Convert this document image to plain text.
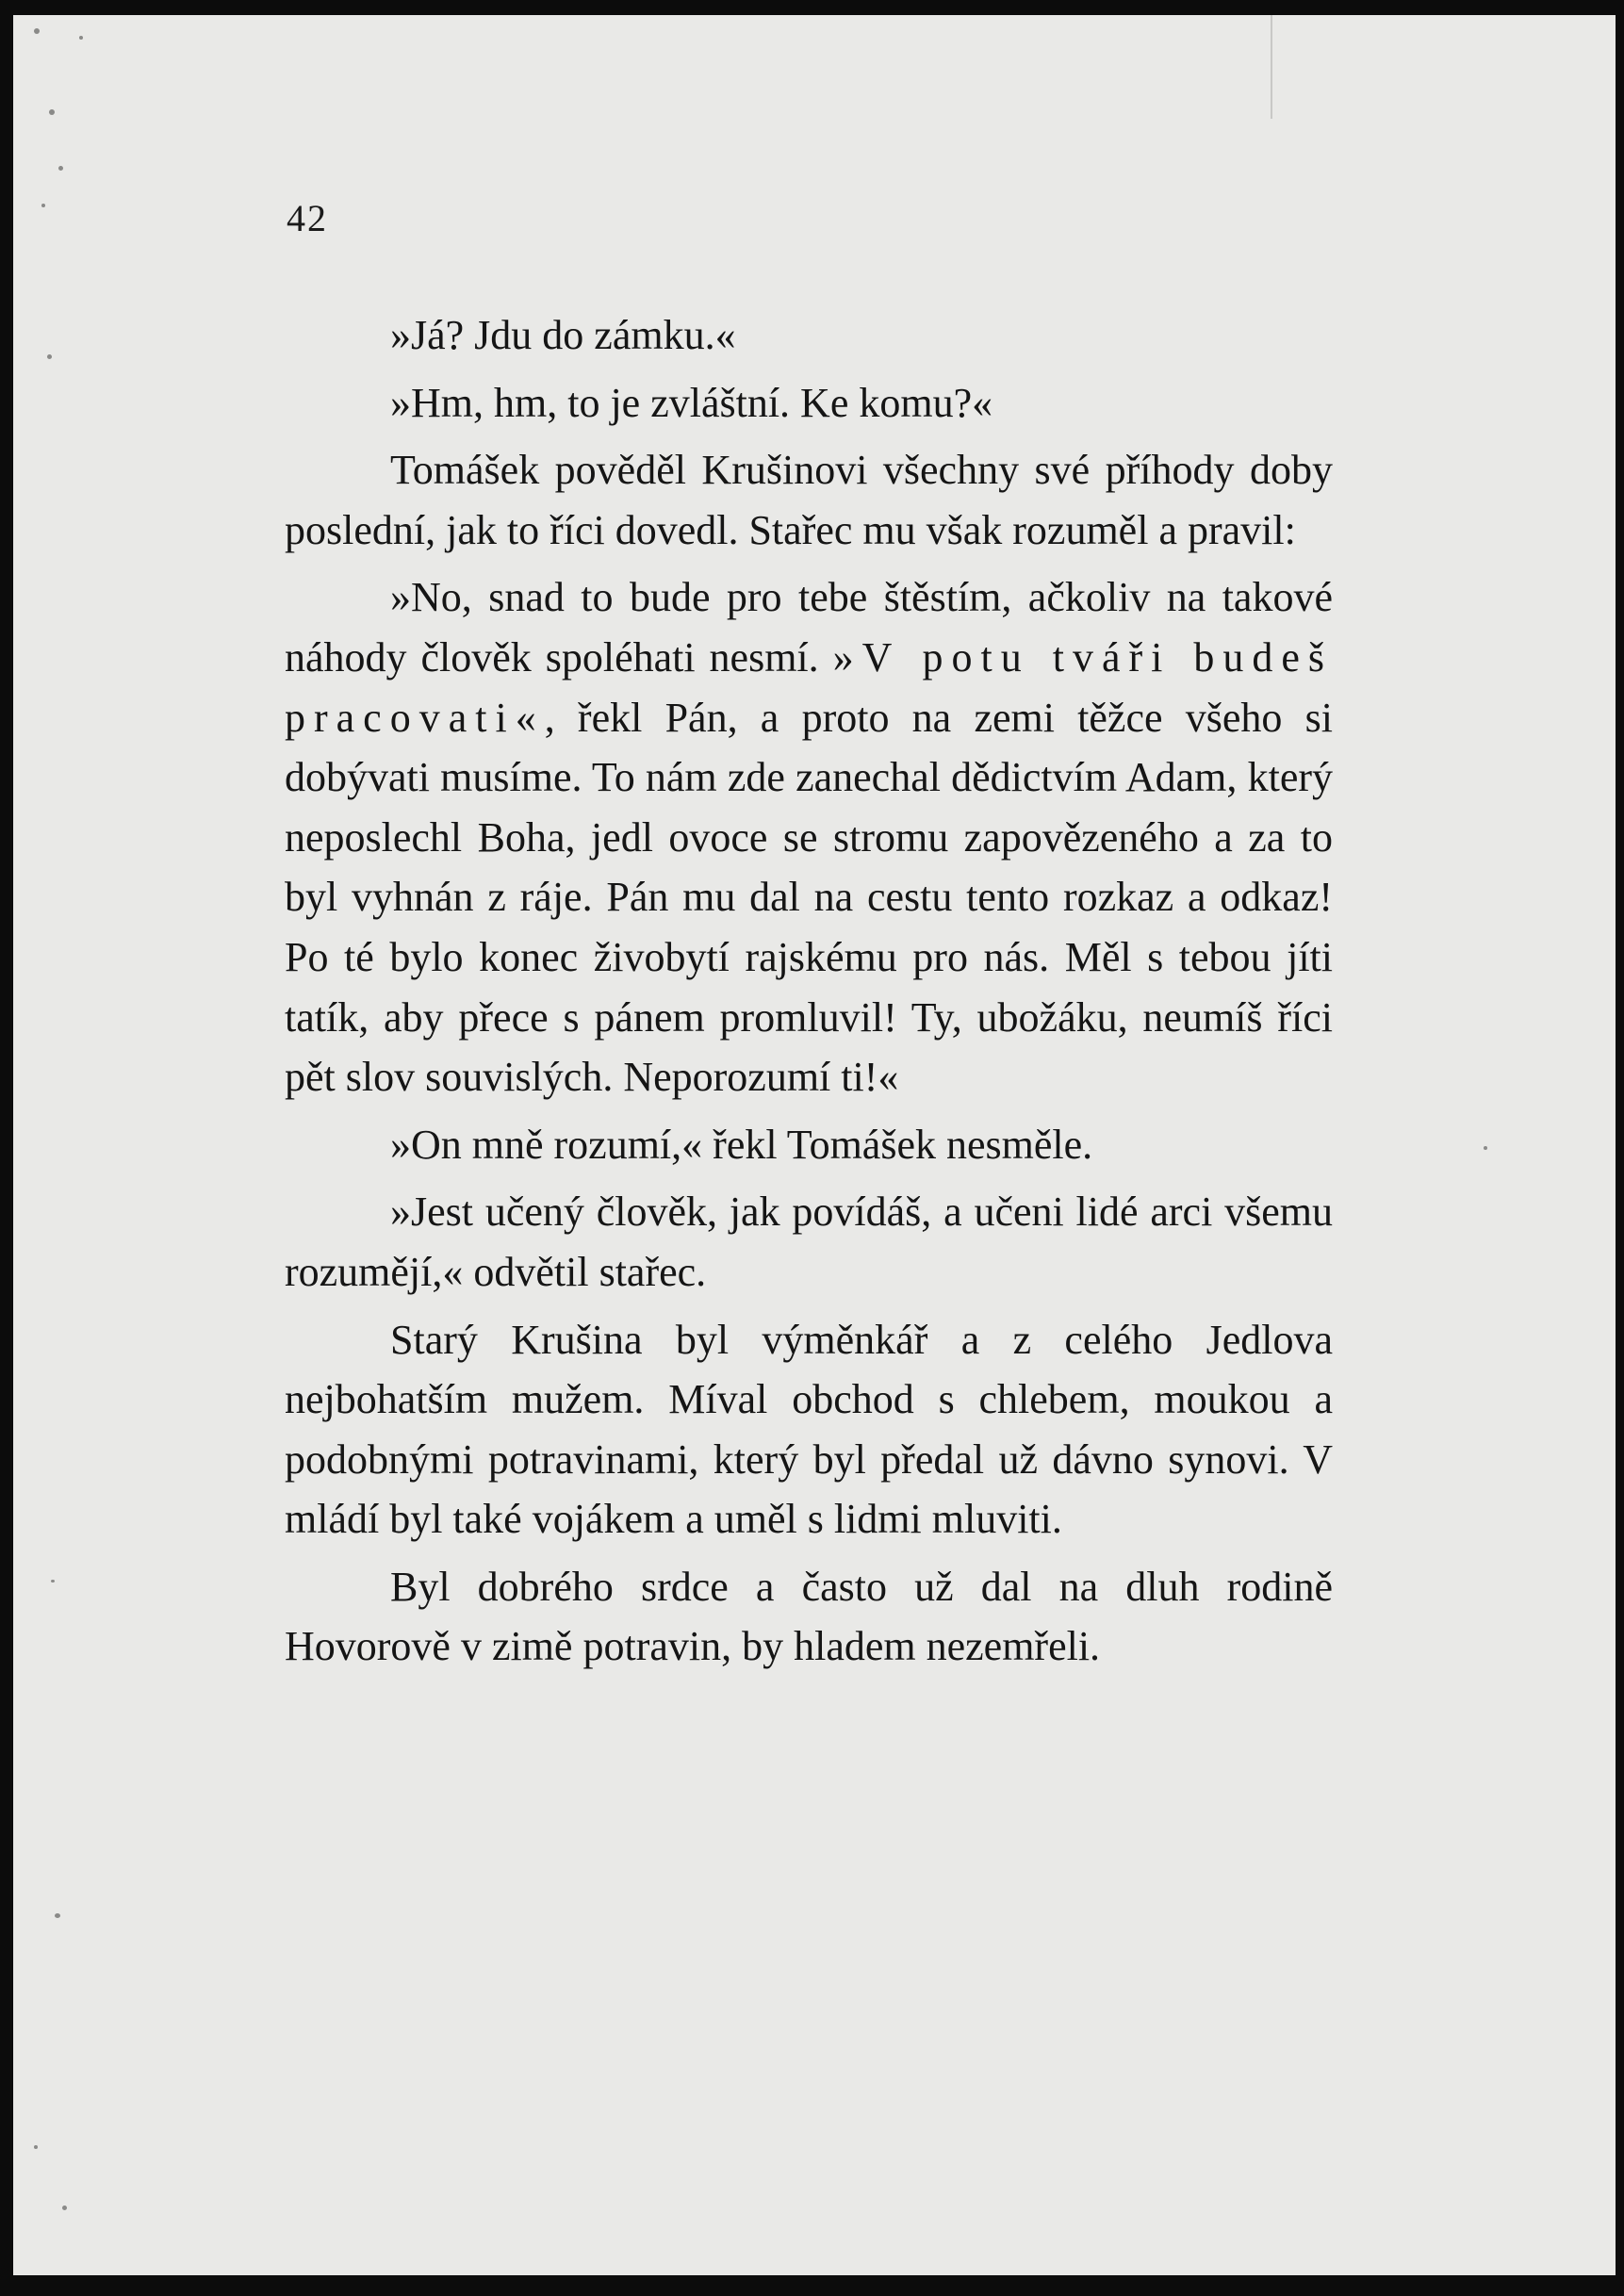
42

»Já? Jdu do zámku.«

»Hm, hm, to je zvláštní. Ke komu?«

Tomášek pověděl Krušinovi všechny své příhody doby poslední, jak to říci dovedl. Stařec mu však rozuměl a pravil:

»No, snad to bude pro tebe štěstím, ačkoliv na takové náhody člověk spoléhati nesmí. »V potu tváři budeš pracovati«, řekl Pán, a proto na zemi těžce všeho si dobývati musíme. To nám zde zanechal dědictvím Adam, který neposlechl Boha, jedl ovoce se stromu zapovězeného a za to byl vyhnán z ráje. Pán mu dal na cestu tento rozkaz a odkaz! Po té bylo konec živobytí rajskému pro nás. Měl s tebou jíti tatík, aby přece s pánem promluvil! Ty, ubožáku, neumíš říci pět slov souvislých. Neporozumí ti!«

»On mně rozumí,« řekl Tomášek nesměle.

»Jest učený člověk, jak povídáš, a učeni lidé arci všemu rozumějí,« odvětil stařec.

Starý Krušina byl výměnkář a z celého Jedlova nejbohatším mužem. Míval obchod s chlebem, moukou a podobnými potravinami, který byl předal už dávno synovi. V mládí byl také vojákem a uměl s lidmi mluviti.

Byl dobrého srdce a často už dal na dluh rodině Hovorově v zimě potravin, by hladem nezemřeli.
